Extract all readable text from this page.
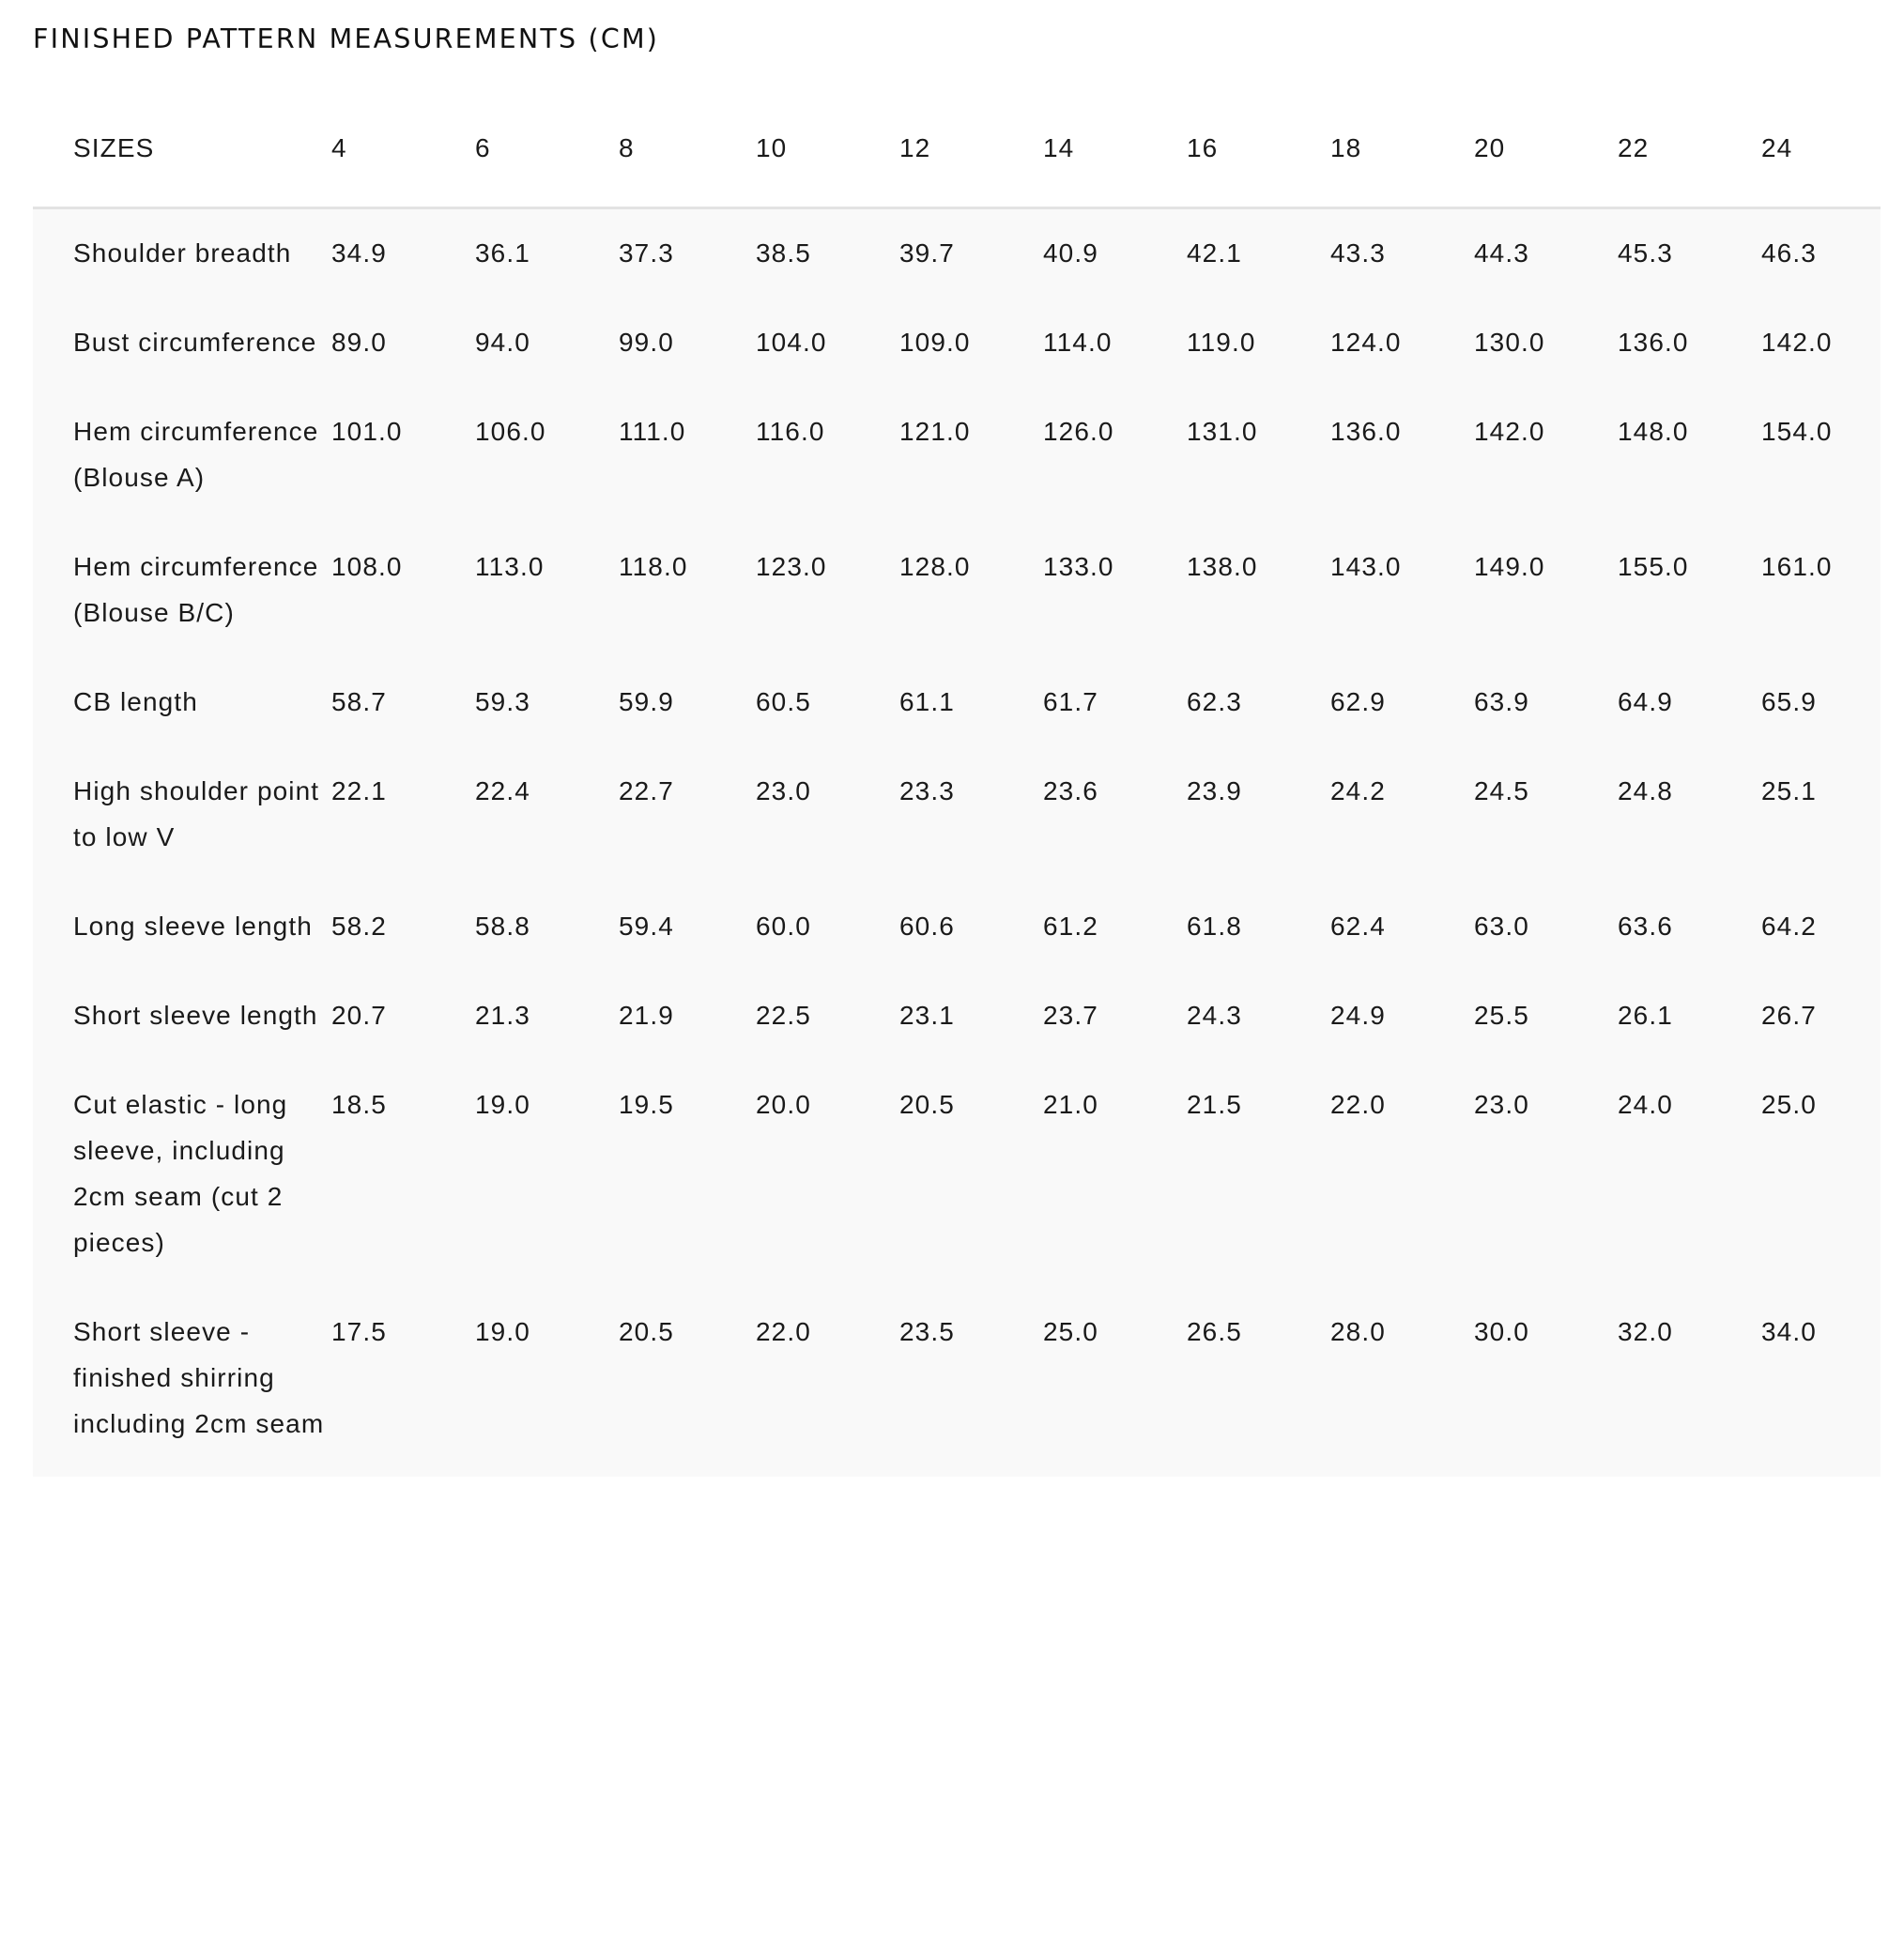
FINISHED PATTERN MEASUREMENTS (CM)
SIZES	4	6	8	10	12	14	16	18	20	22	24
Shoulder breadth	34.9	36.1	37.3	38.5	39.7	40.9	42.1	43.3	44.3	45.3	46.3
Bust circumference	89.0	94.0	99.0	104.0	109.0	114.0	119.0	124.0	130.0	136.0	142.0
Hem circumference (Blouse A)	101.0	106.0	111.0	116.0	121.0	126.0	131.0	136.0	142.0	148.0	154.0
Hem circumference (Blouse B/C)	108.0	113.0	118.0	123.0	128.0	133.0	138.0	143.0	149.0	155.0	161.0
CB length	58.7	59.3	59.9	60.5	61.1	61.7	62.3	62.9	63.9	64.9	65.9
High shoulder point to low V	22.1	22.4	22.7	23.0	23.3	23.6	23.9	24.2	24.5	24.8	25.1
Long sleeve length	58.2	58.8	59.4	60.0	60.6	61.2	61.8	62.4	63.0	63.6	64.2
Short sleeve length	20.7	21.3	21.9	22.5	23.1	23.7	24.3	24.9	25.5	26.1	26.7
Cut elastic - long sleeve, including 2cm seam (cut 2 pieces)	18.5	19.0	19.5	20.0	20.5	21.0	21.5	22.0	23.0	24.0	25.0
Short sleeve - finished shirring including 2cm seam	17.5	19.0	20.5	22.0	23.5	25.0	26.5	28.0	30.0	32.0	34.0
